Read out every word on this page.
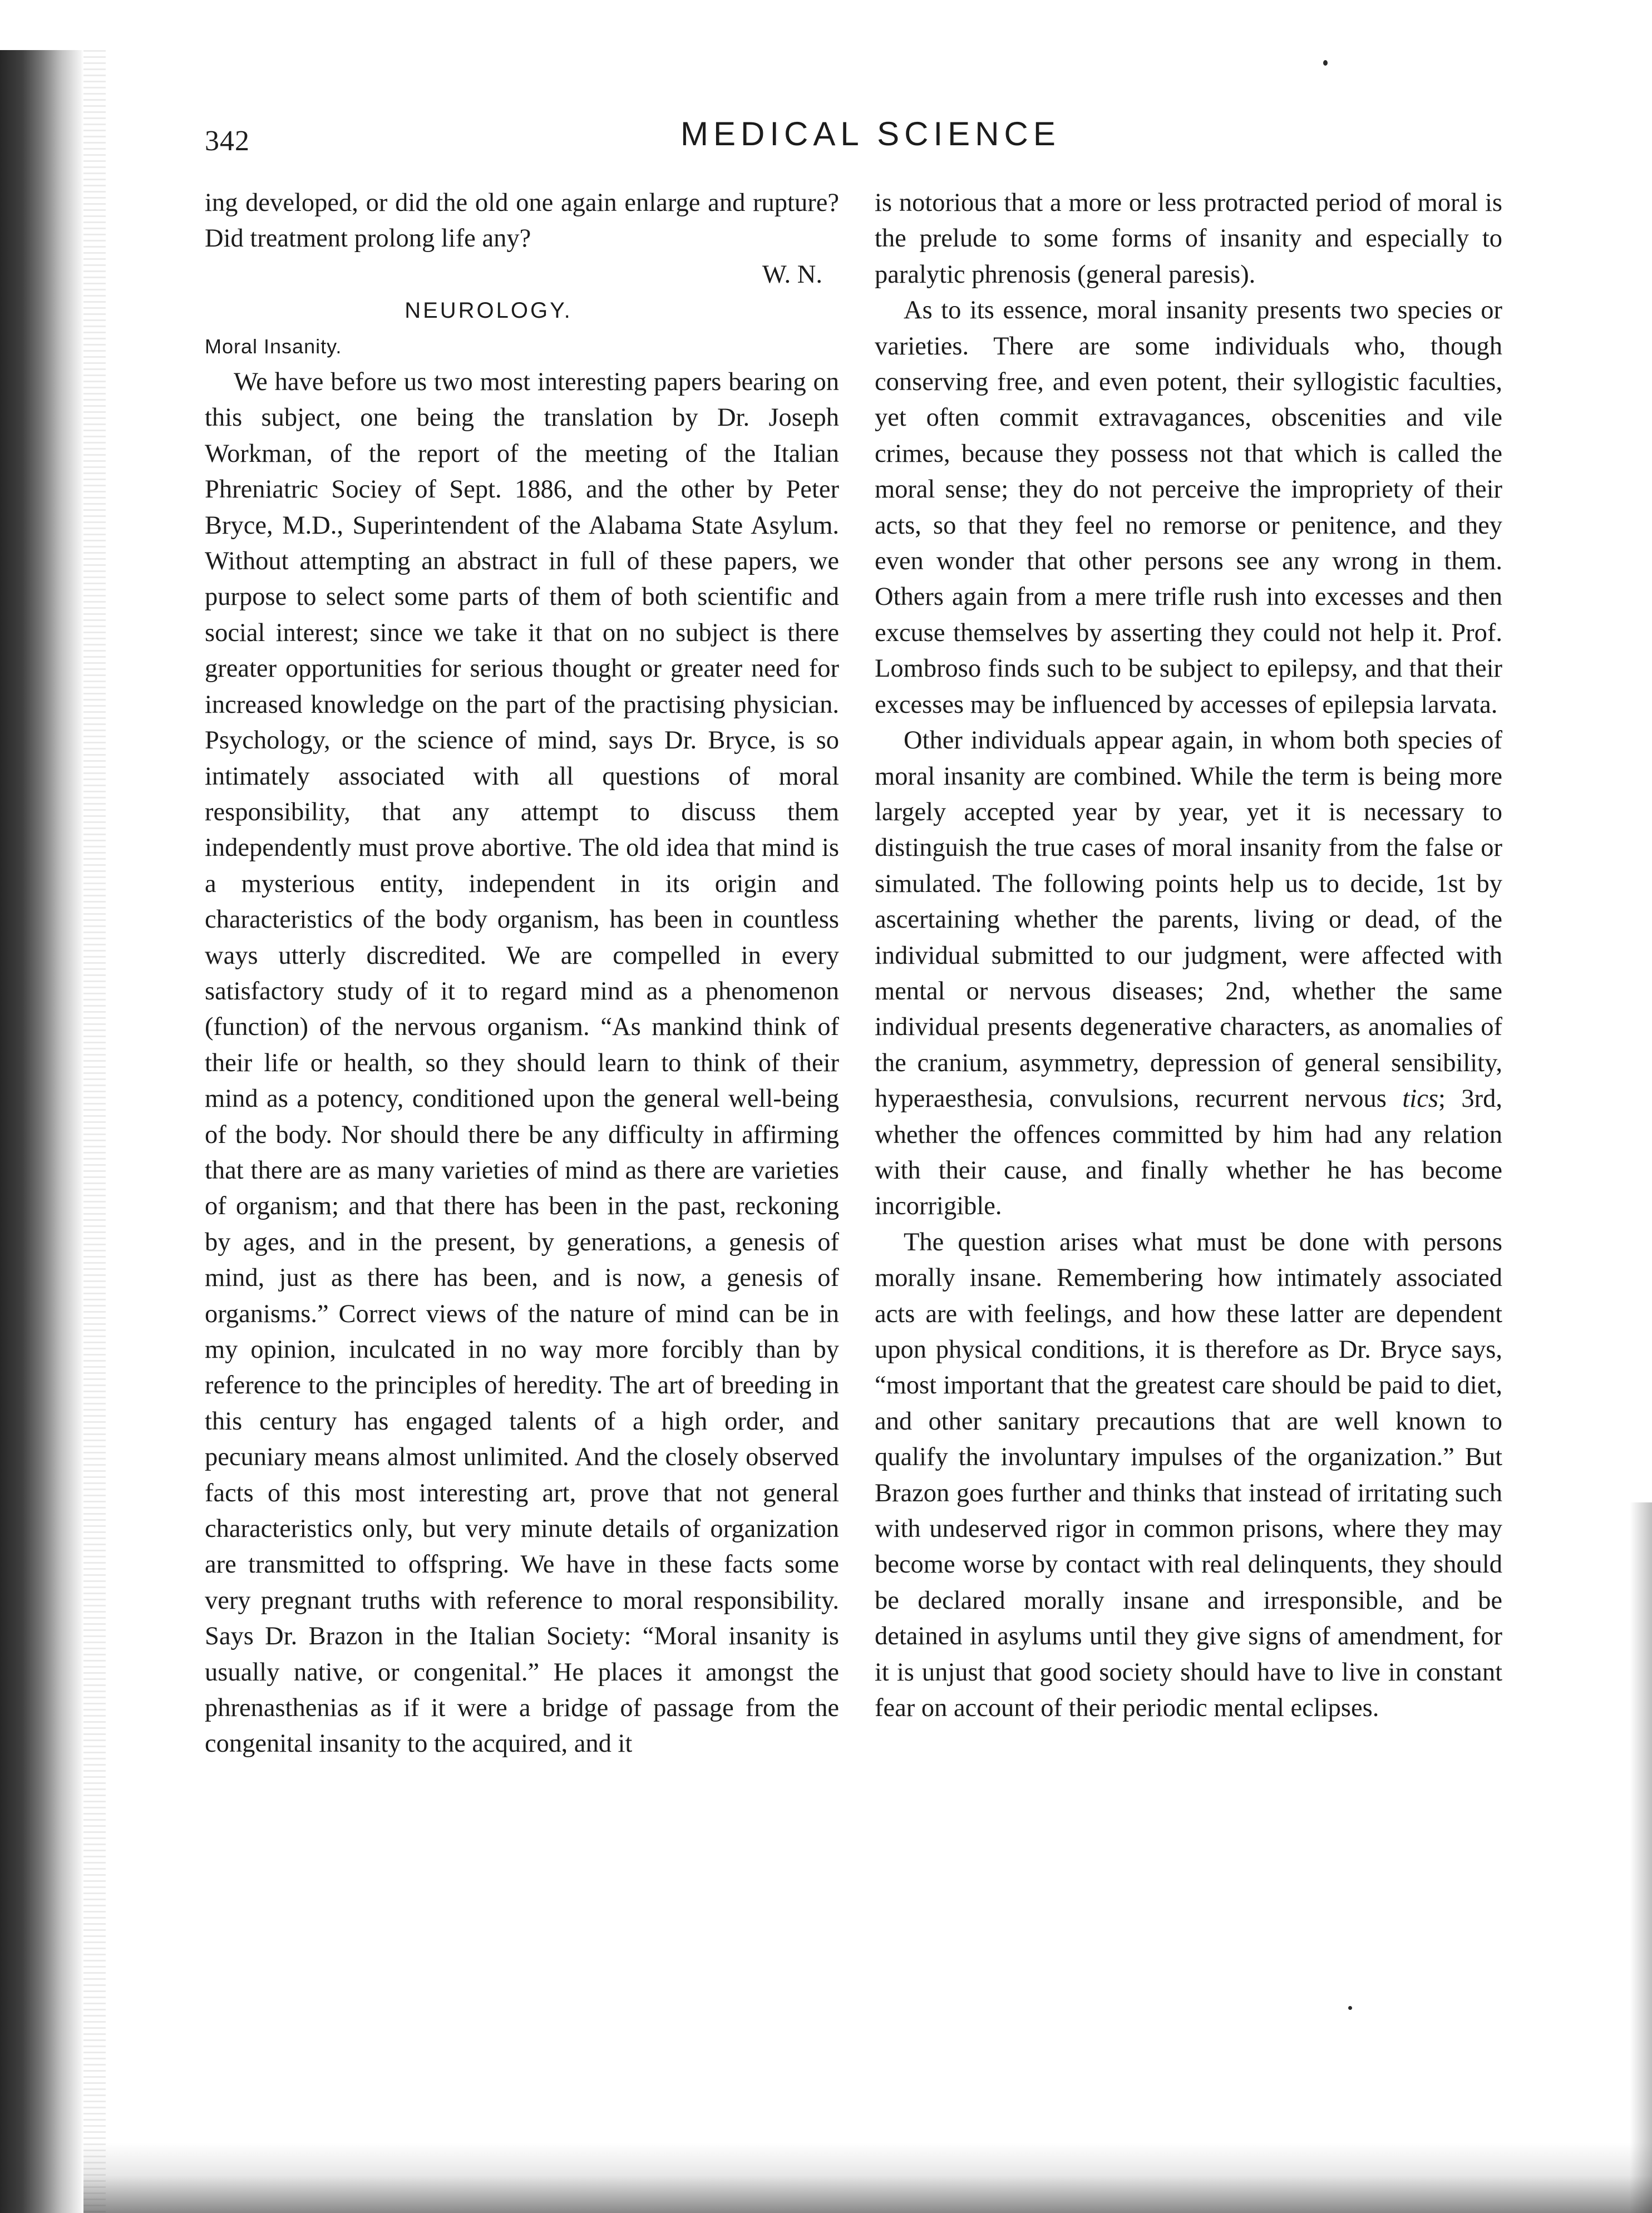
342	MEDICAL SCIENCE

ing developed, or did the old one again enlarge and rupture? Did treatment prolong life any?

W. N.
NEUROLOGY.
Moral Insanity.

We have before us two most interesting papers bearing on this subject, one being the translation by Dr. Joseph Workman, of the report of the meeting of the Italian Phreniatric Sociey of Sept. 1886, and the other by Peter Bryce, M.D., Superintendent of the Alabama State Asylum. Without attempting an abstract in full of these papers, we purpose to select some parts of them of both scientific and social interest; since we take it that on no subject is there greater opportunities for serious thought or greater need for increased knowledge on the part of the practising physician. Psychology, or the science of mind, says Dr. Bryce, is so intimately associated with all questions of moral responsibility, that any attempt to discuss them independently must prove abortive. The old idea that mind is a mysterious entity, independent in its origin and characteristics of the body organism, has been in countless ways utterly discredited. We are compelled in every satisfactory study of it to regard mind as a phenomenon (function) of the nervous organism. “As mankind think of their life or health, so they should learn to think of their mind as a potency, conditioned upon the general well-being of the body. Nor should there be any difficulty in affirming that there are as many varieties of mind as there are varieties of organism; and that there has been in the past, reckoning by ages, and in the present, by generations, a genesis of mind, just as there has been, and is now, a genesis of organisms.” Correct views of the nature of mind can be in my opinion, inculcated in no way more forcibly than by reference to the principles of heredity. The art of breeding in this century has engaged talents of a high order, and pecuniary means almost unlimited. And the closely observed facts of this most interesting art, prove that not general characteristics only, but very minute details of organization are transmitted to offspring. We have in these facts some very pregnant truths with reference to moral responsibility. Says Dr. Brazon in the Italian Society: “Moral insanity is usually native, or congenital.” He places it amongst the phrenasthenias as if it were a bridge of passage from the congenital insanity to the acquired, and it

is notorious that a more or less protracted period of moral is the prelude to some forms of insanity and especially to paralytic phrenosis (general paresis).

As to its essence, moral insanity presents two species or varieties. There are some individuals who, though conserving free, and even potent, their syllogistic faculties, yet often commit extravagances, obscenities and vile crimes, because they possess not that which is called the moral sense; they do not perceive the impropriety of their acts, so that they feel no remorse or penitence, and they even wonder that other persons see any wrong in them. Others again from a mere trifle rush into excesses and then excuse themselves by asserting they could not help it. Prof. Lombroso finds such to be subject to epilepsy, and that their excesses may be influenced by accesses of epilepsia larvata.

Other individuals appear again, in whom both species of moral insanity are combined. While the term is being more largely accepted year by year, yet it is necessary to distinguish the true cases of moral insanity from the false or simulated. The following points help us to decide, 1st by ascertaining whether the parents, living or dead, of the individual submitted to our judgment, were affected with mental or nervous diseases; 2nd, whether the same individual presents degenerative characters, as anomalies of the cranium, asymmetry, depression of general sensibility, hyperaesthesia, convulsions, recurrent nervous tics; 3rd, whether the offences committed by him had any relation with their cause, and finally whether he has become incorrigible.

The question arises what must be done with persons morally insane. Remembering how intimately associated acts are with feelings, and how these latter are dependent upon physical conditions, it is therefore as Dr. Bryce says, “most important that the greatest care should be paid to diet, and other sanitary precautions that are well known to qualify the involuntary impulses of the organization.” But Brazon goes further and thinks that instead of irritating such with undeserved rigor in common prisons, where they may become worse by contact with real delinquents, they should be declared morally insane and irresponsible, and be detained in asylums until they give signs of amendment, for it is unjust that good society should have to live in constant fear on account of their periodic mental eclipses.
